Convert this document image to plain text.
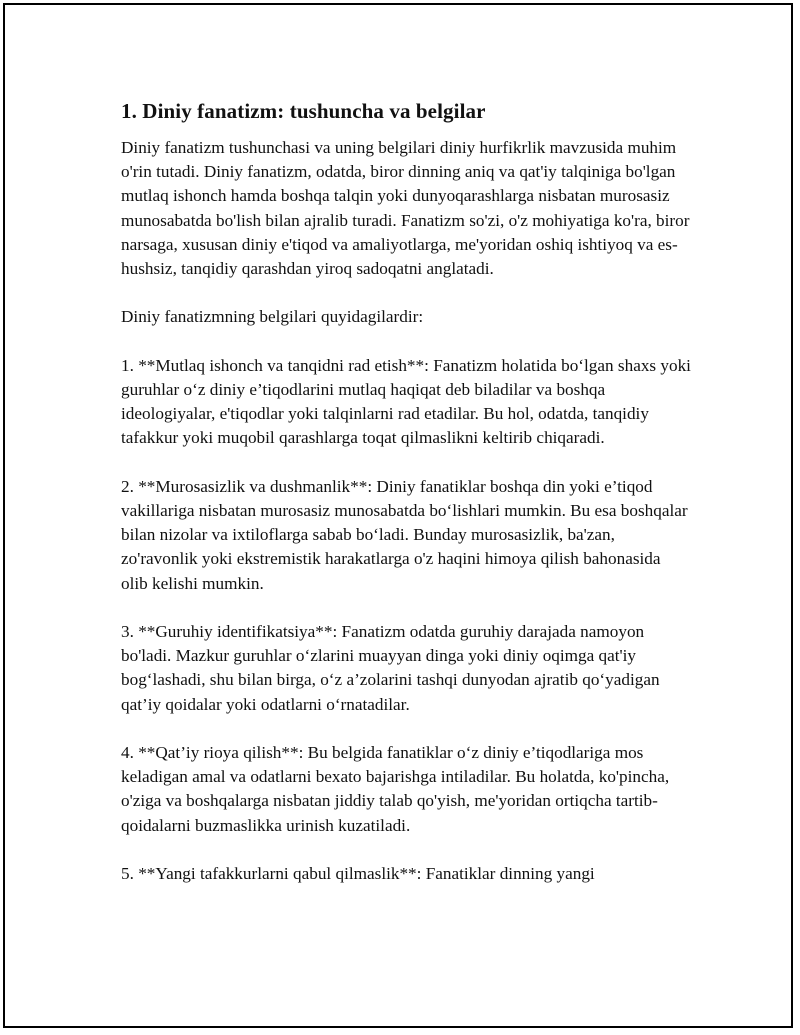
1. Diniy fanatizm: tushuncha va belgilar

Diniy fanatizm tushunchasi va uning belgilari diniy hurfikrlik mavzusida muhim o'rin tutadi. Diniy fanatizm, odatda, biror dinning aniq va qat'iy talqiniga bo'lgan mutlaq ishonch hamda boshqa talqin yoki dunyoqarashlarga nisbatan murosasiz munosabatda bo'lish bilan ajralib turadi. Fanatizm so'zi, o'z mohiyatiga ko'ra, biror narsaga, xususan diniy e'tiqod va amaliyotlarga, me'yoridan oshiq ishtiyoq va es-hushsiz, tanqidiy qarashdan yiroq sadoqatni anglatadi.

Diniy fanatizmning belgilari quyidagilardir:

1. **Mutlaq ishonch va tanqidni rad etish**: Fanatizm holatida bo‘lgan shaxs yoki guruhlar o‘z diniy e’tiqodlarini mutlaq haqiqat deb biladilar va boshqa ideologiyalar, e'tiqodlar yoki talqinlarni rad etadilar. Bu hol, odatda, tanqidiy tafakkur yoki muqobil qarashlarga toqat qilmaslikni keltirib chiqaradi.

2. **Murosasizlik va dushmanlik**: Diniy fanatiklar boshqa din yoki e’tiqod vakillariga nisbatan murosasiz munosabatda bo‘lishlari mumkin. Bu esa boshqalar bilan nizolar va ixtiloflarga sabab bo‘ladi. Bunday murosasizlik, ba'zan, zo'ravonlik yoki ekstremistik harakatlarga o'z haqini himoya qilish bahonasida olib kelishi mumkin.

3. **Guruhiy identifikatsiya**: Fanatizm odatda guruhiy darajada namoyon bo'ladi. Mazkur guruhlar o‘zlarini muayyan dinga yoki diniy oqimga qat'iy bog‘lashadi, shu bilan birga, o‘z a’zolarini tashqi dunyodan ajratib qo‘yadigan qat’iy qoidalar yoki odatlarni o‘rnatadilar.

4. **Qat’iy rioya qilish**: Bu belgida fanatiklar o‘z diniy e’tiqodlariga mos keladigan amal va odatlarni bexato bajarishga intiladilar. Bu holatda, ko'pincha, o'ziga va boshqalarga nisbatan jiddiy talab qo'yish, me'yoridan ortiqcha tartib-qoidalarni buzmaslikka urinish kuzatiladi.

5. **Yangi tafakkurlarni qabul qilmaslik**: Fanatiklar dinning yangi
